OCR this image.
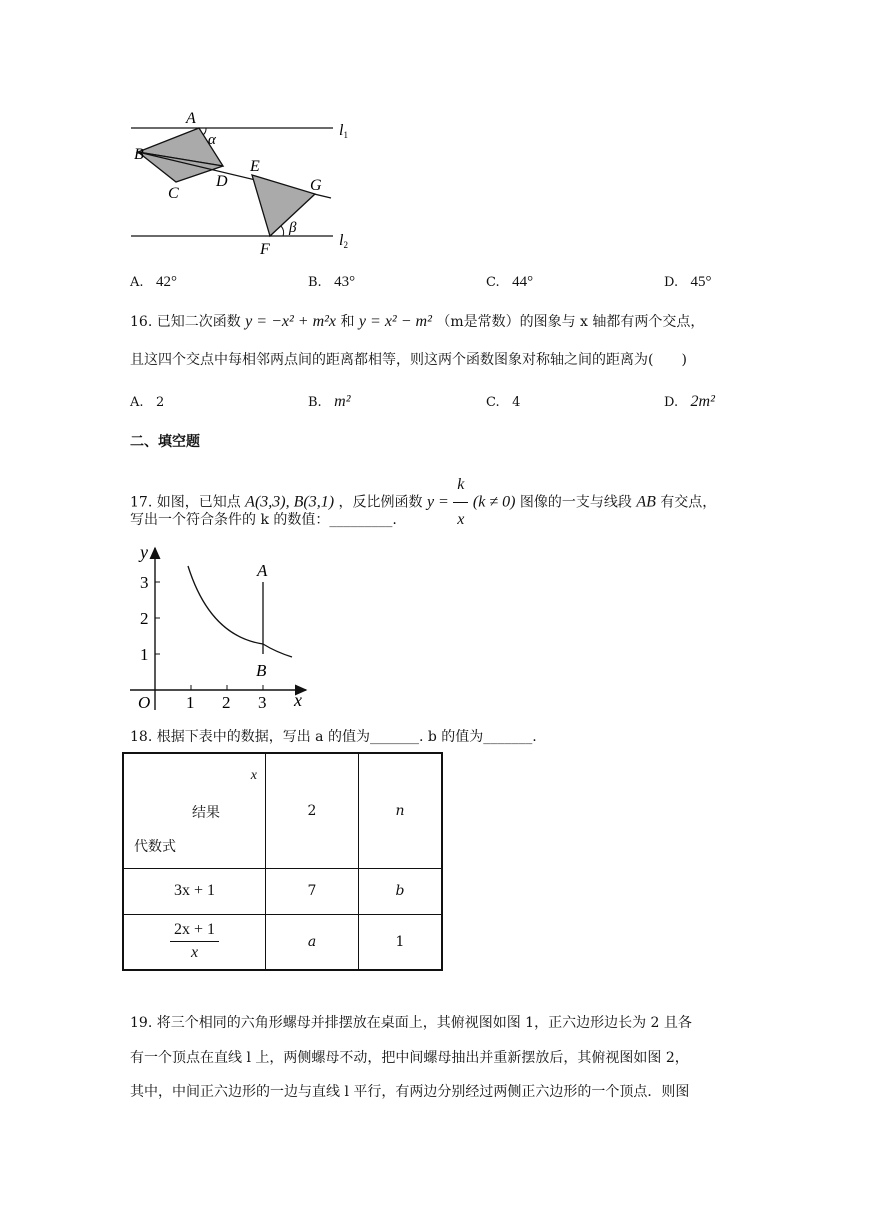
A
α
B
C
D
E
G
β
F
l1
l2
A. 42°	B. 43°	C. 44°	D. 45°
16. 已知二次函数 y = −x² + m²x 和 y = x² − m² （m是常数）的图象与 x 轴都有两个交点，
且这四个交点中每相邻两点间的距离都相等，则这两个函数图象对称轴之间的距离为(　　)
A. 2	B. m²	C. 4	D. 2m²
二、填空题
17. 如图，已知点 A(3,3), B(3,1) ，反比例函数 $y = \frac{k}{x} (k \ne 0)$ 图像的一支与线段 AB 有交点，
写出一个符合条件的 k 的数值：_________.
y
x
O 1 2 3
1
2
3
A
B
18. 根据下表中的数据，写出 a 的值为_______. b 的值为_______.
x
结果
代数式	2	n
3x + 1	7	b

$\frac{2x + 1}{x}$	a	1
19. 将三个相同的六角形螺母并排摆放在桌面上，其俯视图如图 1，正六边形边长为 2 且各
有一个顶点在直线 l 上，两侧螺母不动，把中间螺母抽出并重新摆放后，其俯视图如图 2，
其中，中间正六边形的一边与直线 l 平行，有两边分别经过两侧正六边形的一个顶点．则图
